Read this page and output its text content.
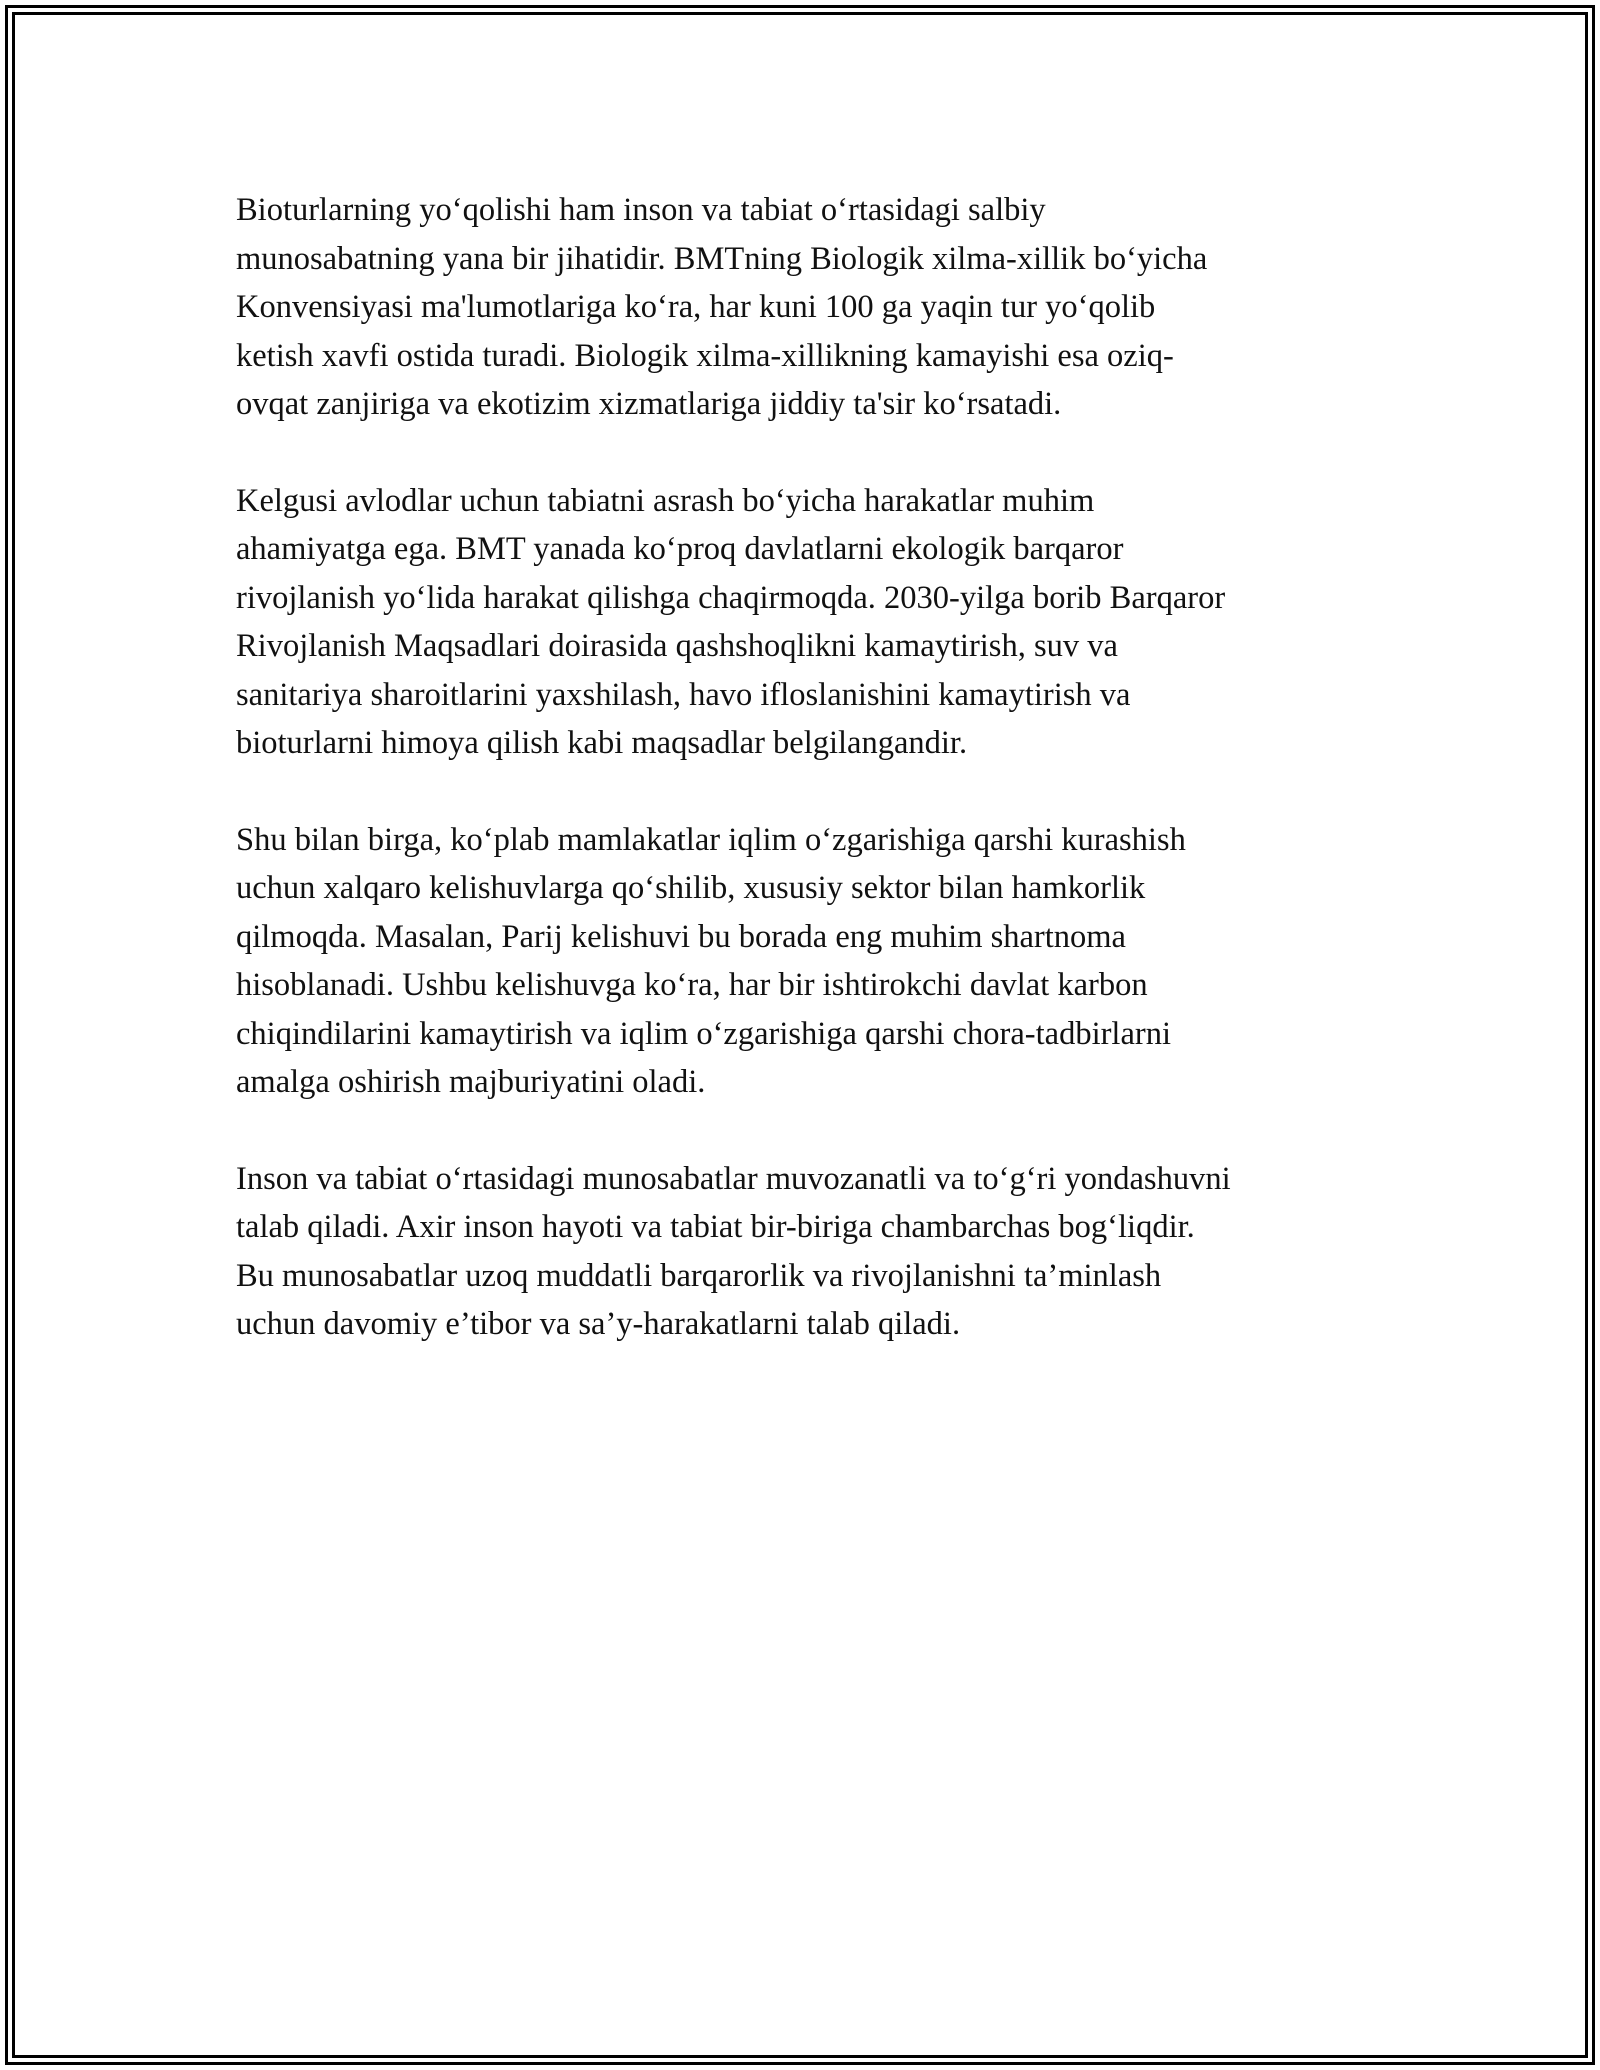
Bioturlarning yo‘qolishi ham inson va tabiat o‘rtasidagi salbiy
munosabatning yana bir jihatidir. BMTning Biologik xilma-xillik bo‘yicha
Konvensiyasi ma'lumotlariga ko‘ra, har kuni 100 ga yaqin tur yo‘qolib
ketish xavfi ostida turadi. Biologik xilma-xillikning kamayishi esa oziq-
ovqat zanjiriga va ekotizim xizmatlariga jiddiy ta'sir ko‘rsatadi.

Kelgusi avlodlar uchun tabiatni asrash bo‘yicha harakatlar muhim
ahamiyatga ega. BMT yanada ko‘proq davlatlarni ekologik barqaror
rivojlanish yo‘lida harakat qilishga chaqirmoqda. 2030-yilga borib Barqaror
Rivojlanish Maqsadlari doirasida qashshoqlikni kamaytirish, suv va
sanitariya sharoitlarini yaxshilash, havo ifloslanishini kamaytirish va
bioturlarni himoya qilish kabi maqsadlar belgilangandir.

Shu bilan birga, ko‘plab mamlakatlar iqlim o‘zgarishiga qarshi kurashish
uchun xalqaro kelishuvlarga qo‘shilib, xususiy sektor bilan hamkorlik
qilmoqda. Masalan, Parij kelishuvi bu borada eng muhim shartnoma
hisoblanadi. Ushbu kelishuvga ko‘ra, har bir ishtirokchi davlat karbon
chiqindilarini kamaytirish va iqlim o‘zgarishiga qarshi chora-tadbirlarni
amalga oshirish majburiyatini oladi.

Inson va tabiat o‘rtasidagi munosabatlar muvozanatli va to‘g‘ri yondashuvni
talab qiladi. Axir inson hayoti va tabiat bir-biriga chambarchas bog‘liqdir.
Bu munosabatlar uzoq muddatli barqarorlik va rivojlanishni ta’minlash
uchun davomiy e’tibor va sa’y-harakatlarni talab qiladi.
